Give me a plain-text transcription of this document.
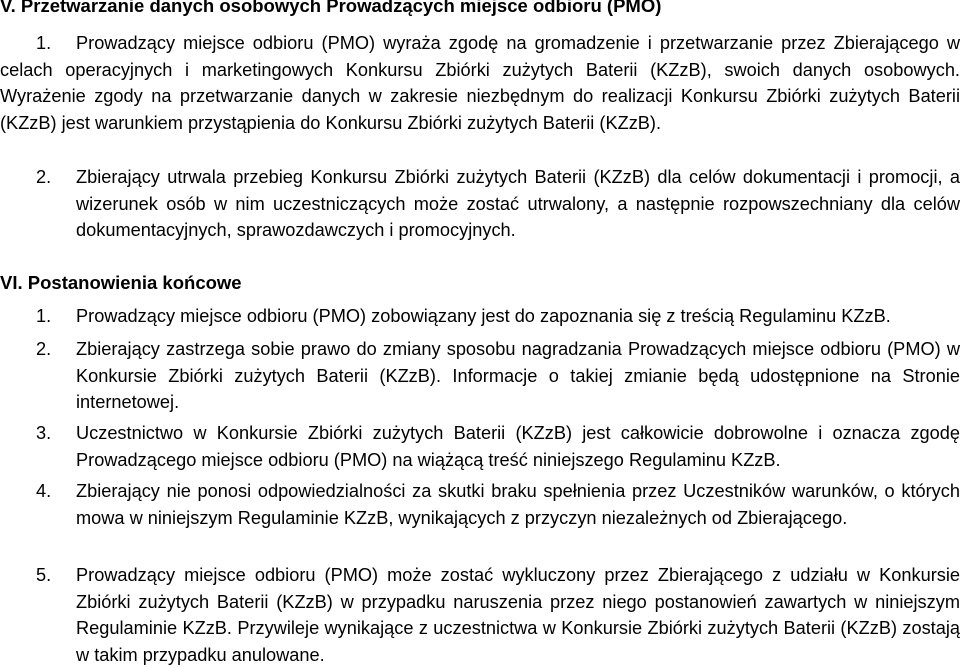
V. Przetwarzanie danych osobowych Prowadzących miejsce odbioru (PMO)
1.	Prowadzący miejsce odbioru (PMO) wyraża zgodę na gromadzenie i przetwarzanie przez Zbierającego w celach operacyjnych i marketingowych Konkursu Zbiórki zużytych Baterii (KZzB), swoich danych osobowych. Wyrażenie zgody na przetwarzanie danych w zakresie niezbędnym do realizacji Konkursu Zbiórki zużytych Baterii (KZzB) jest warunkiem przystąpienia do Konkursu Zbiórki zużytych Baterii (KZzB).
2. Zbierający utrwala przebieg Konkursu Zbiórki zużytych Baterii (KZzB) dla celów dokumentacji i promocji, a wizerunek osób w nim uczestniczących może zostać utrwalony, a następnie rozpowszechniany dla celów dokumentacyjnych, sprawozdawczych i promocyjnych.
VI. Postanowienia końcowe
1. Prowadzący miejsce odbioru (PMO) zobowiązany jest do zapoznania się z treścią Regulaminu KZzB.
2. Zbierający zastrzega sobie prawo do zmiany sposobu nagradzania Prowadzących miejsce odbioru (PMO) w Konkursie Zbiórki zużytych Baterii (KZzB). Informacje o takiej zmianie będą udostępnione na Stronie internetowej.
3. Uczestnictwo w Konkursie Zbiórki zużytych Baterii (KZzB) jest całkowicie dobrowolne i oznacza zgodę Prowadzącego miejsce odbioru (PMO) na wiążącą treść niniejszego Regulaminu KZzB.
4. Zbierający nie ponosi odpowiedzialności za skutki braku spełnienia przez Uczestników warunków, o których mowa w niniejszym Regulaminie KZzB, wynikających z przyczyn niezależnych od Zbierającego.
5. Prowadzący miejsce odbioru (PMO) może zostać wykluczony przez Zbierającego z udziału w Konkursie Zbiórki zużytych Baterii (KZzB) w przypadku naruszenia przez niego postanowień zawartych w niniejszym Regulaminie KZzB. Przywileje wynikające z uczestnictwa w Konkursie Zbiórki zużytych Baterii (KZzB) zostają w takim przypadku anulowane.
